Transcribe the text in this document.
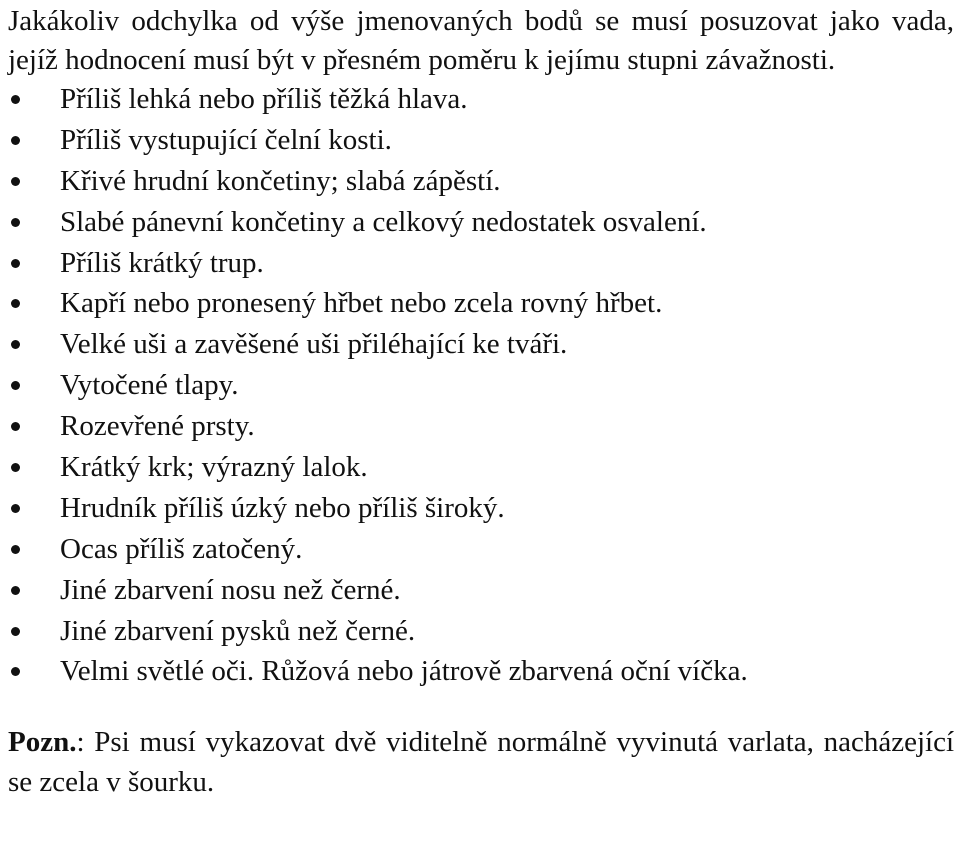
Jakákoliv odchylka od výše jmenovaných bodů se musí posuzovat jako vada, jejíž hodnocení musí být v přesném poměru k jejímu stupni závažnosti.

Příliš lehká nebo příliš těžká hlava.
Příliš vystupující čelní kosti.
Křivé hrudní končetiny; slabá zápěstí.
Slabé pánevní končetiny a celkový nedostatek osvalení.
Příliš krátký trup.
Kapří nebo pronesený hřbet nebo zcela rovný hřbet.
Velké uši a zavěšené uši přiléhající ke tváři.
Vytočené tlapy.
Rozevřené prsty.
Krátký krk; výrazný lalok.
Hrudník příliš úzký nebo příliš široký.
Ocas příliš zatočený.
Jiné zbarvení nosu než černé.
Jiné zbarvení pysků než černé.
Velmi světlé oči. Růžová nebo játrově zbarvená oční víčka.

Pozn.: Psi musí vykazovat dvě viditelně normálně vyvinutá varlata, nacházející se zcela v šourku.
